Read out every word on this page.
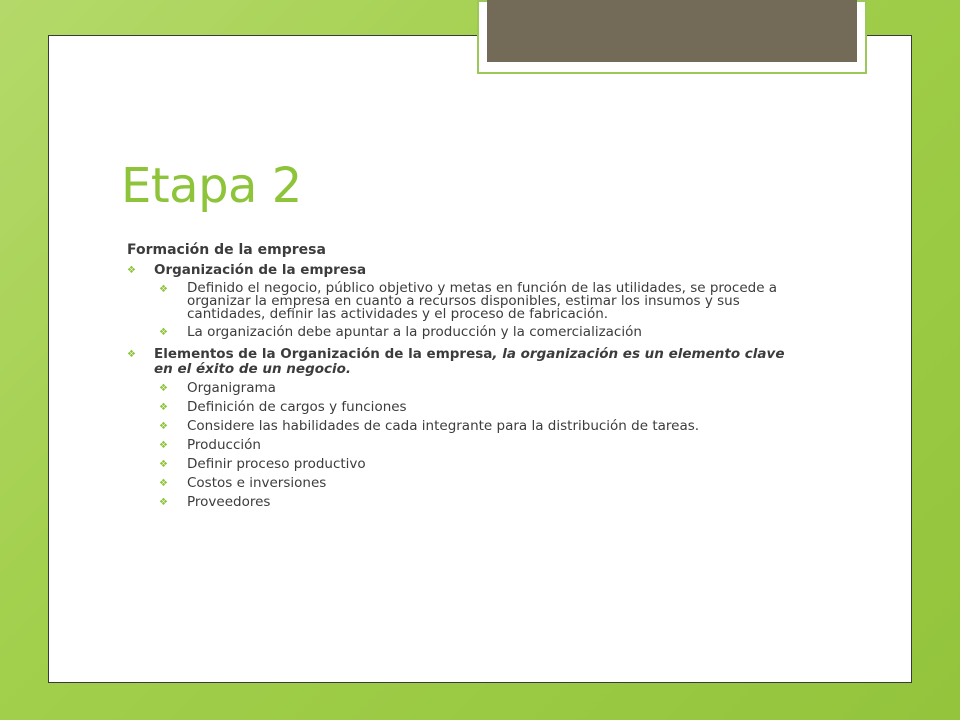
Etapa 2
Formación de la empresa
❖ Organización de la empresa
❖ Definido el negocio, público objetivo y metas en función de las utilidades, se procede a organizar la empresa en cuanto a recursos disponibles, estimar los insumos y sus cantidades, definir las actividades y el proceso de fabricación.
❖ La organización debe apuntar a la producción y la comercialización
❖ Elementos de la Organización de la empresa, la organización es un elemento clave en el éxito de un negocio.
❖ Organigrama
❖ Definición de cargos y funciones
❖ Considere las habilidades de cada integrante para la distribución de tareas.
❖ Producción
❖ Definir proceso productivo
❖ Costos e inversiones
❖ Proveedores
